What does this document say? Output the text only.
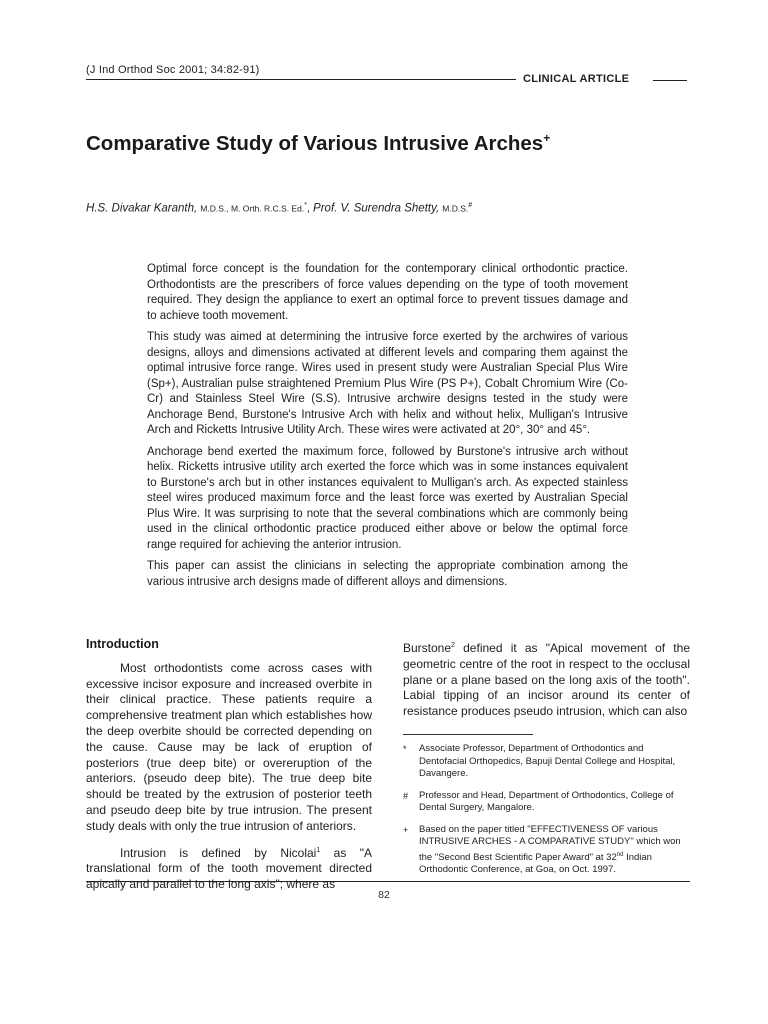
(J Ind Orthod Soc 2001; 34:82-91)
CLINICAL ARTICLE
Comparative Study of Various Intrusive Arches+
H.S. Divakar Karanth, M.D.S., M. Orth. R.C.S. Ed.*, Prof. V. Surendra Shetty, M.D.S.#

Optimal force concept is the foundation for the contemporary clinical orthodontic practice. Orthodontists are the prescribers of force values depending on the type of tooth movement required. They design the appliance to exert an optimal force to prevent tissues damage and to achieve tooth movement.

This study was aimed at determining the intrusive force exerted by the archwires of various designs, alloys and dimensions activated at different levels and comparing them against the optimal intrusive force range. Wires used in present study were Australian Special Plus Wire (Sp+), Australian pulse straightened Premium Plus Wire (PS P+), Cobalt Chromium Wire (Co-Cr) and Stainless Steel Wire (S.S). Intrusive archwire designs tested in the study were Anchorage Bend, Burstone's Intrusive Arch with helix and without helix, Mulligan's Intrusive Arch and Ricketts Intrusive Utility Arch. These wires were activated at 20°, 30° and 45°.

Anchorage bend exerted the maximum force, followed by Burstone's intrusive arch without helix. Ricketts intrusive utility arch exerted the force which was in some instances equivalent to Burstone's arch but in other instances equivalent to Mulligan's arch. As expected stainless steel wires produced maximum force and the least force was exerted by Australian Special Plus Wire. It was surprising to note that the several combinations which are commonly being used in the clinical orthodontic practice produced either above or below the optimal force range required for achieving the anterior intrusion.

This paper can assist the clinicians in selecting the appropriate combination among the various intrusive arch designs made of different alloys and dimensions.

Introduction

Most orthodontists come across cases with excessive incisor exposure and increased overbite in their clinical practice. These patients require a comprehensive treatment plan which establishes how the deep overbite should be corrected depending on the cause. Cause may be lack of eruption of posteriors (true deep bite) or overeruption of the anteriors. (pseudo deep bite). The true deep bite should be treated by the extrusion of posterior teeth and pseudo deep bite by true intrusion. The present study deals with only the true intrusion of anteriors.

Intrusion is defined by Nicolai$^1$ as "A translational form of the tooth movement directed apically and parallel to the long axis"; where as

Burstone$^2$ defined it as "Apical movement of the geometric centre of the root in respect to the occlusal plane or a plane based on the long axis of the tooth". Labial tipping of an incisor around its center of resistance produces pseudo intrusion, which can also

*	Associate Professor, Department of Orthodontics and Dentofacial Orthopedics, Bapuji Dental College and Hospital, Davangere.
#	Professor and Head, Department of Orthodontics, College of Dental Surgery, Mangalore.
+	Based on the paper titled "EFFECTIVENESS OF various INTRUSIVE ARCHES - A COMPARATIVE STUDY" which won the "Second Best Scientific Paper Award" at 32nd Indian Orthodontic Conference, at Goa, on Oct. 1997.
82
